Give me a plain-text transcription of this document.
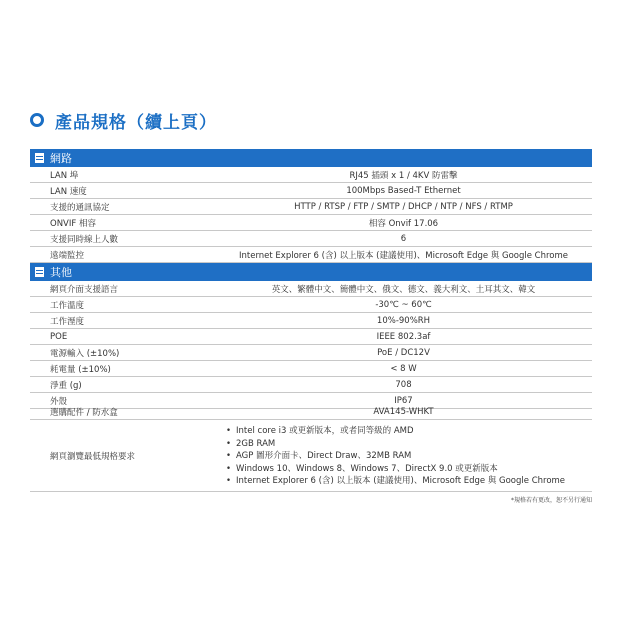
產品規格（續上頁）
網路
LAN 埠	RJ45 插頭 x 1 / 4KV 防雷擊
LAN 速度	100Mbps Based-T Ethernet
支援的通訊協定	HTTP / RTSP / FTP / SMTP / DHCP / NTP / NFS / RTMP
ONVIF 相容	相容 Onvif 17.06
支援同時線上人數	6
遠端監控	Internet Explorer 6 (含) 以上版本 (建議使用)、Microsoft Edge 與 Google Chrome
其他
網頁介面支援語言	英文、繁體中文、簡體中文、俄文、德文、義大利文、土耳其文、韓文
工作溫度	-30℃ ~ 60℃
工作溼度	10%-90%RH
POE	IEEE 802.3af
電源輸入 (±10%)	PoE / DC12V
耗電量 (±10%)	< 8 W
淨重 (g)	708
外殼	IP67
選購配件 / 防水盒	AVA145-WHKT
網頁瀏覽最低規格要求
• Intel core i3 或更新版本，或者同等級的 AMD
• 2GB RAM
• AGP 圖形介面卡、Direct Draw、32MB RAM
• Windows 10、Windows 8、Windows 7、DirectX 9.0 或更新版本
• Internet Explorer 6 (含) 以上版本 (建議使用)、Microsoft Edge 與 Google Chrome
*規格若有更改，恕不另行通知
